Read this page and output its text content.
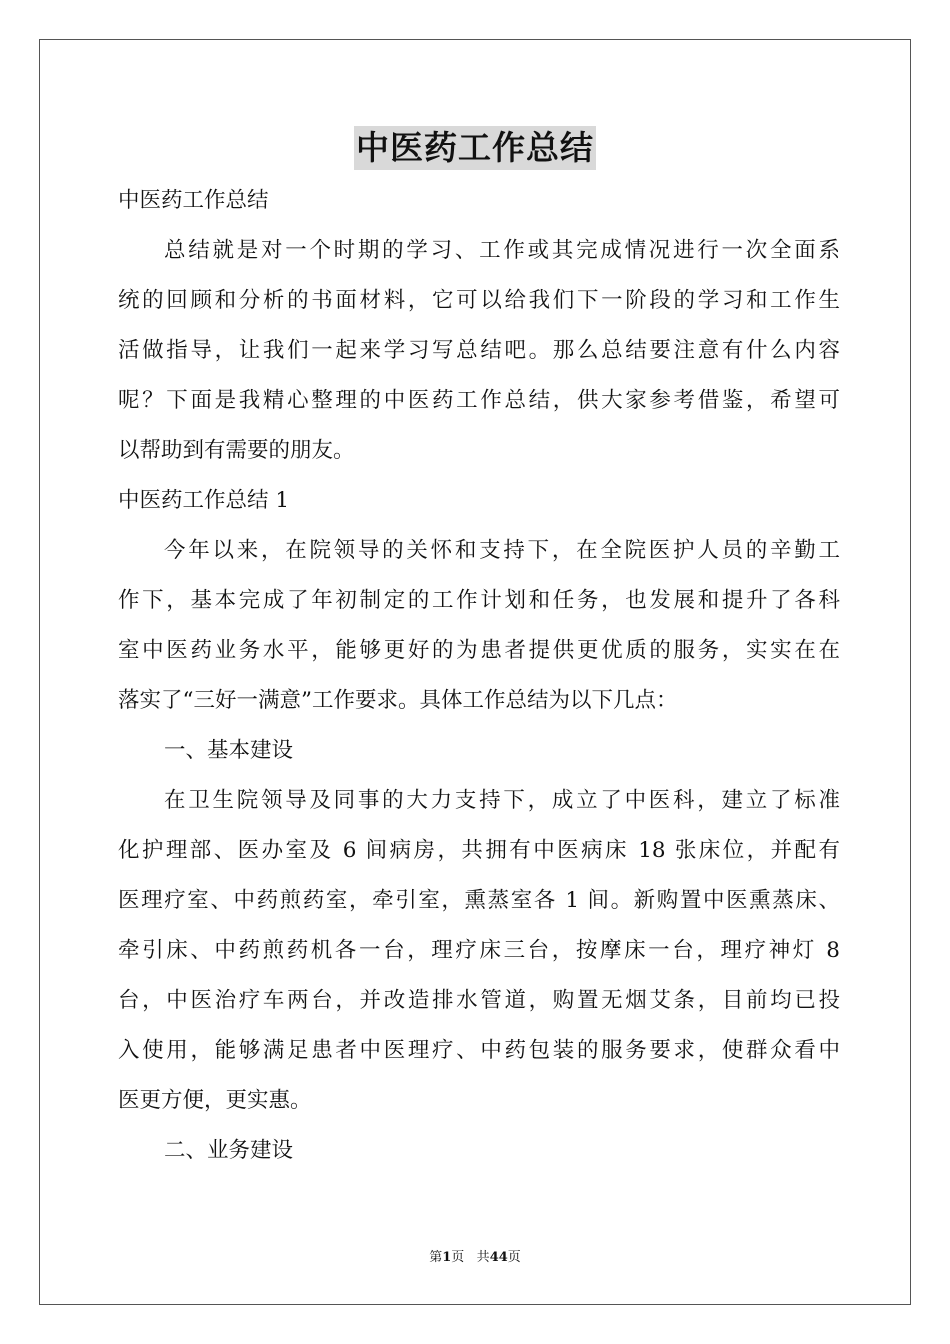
中医药工作总结
中医药工作总结
总结就是对一个时期的学习、工作或其完成情况进行一次全面系
统的回顾和分析的书面材料，它可以给我们下一阶段的学习和工作生
活做指导，让我们一起来学习写总结吧。那么总结要注意有什么内容
呢？下面是我精心整理的中医药工作总结，供大家参考借鉴，希望可
以帮助到有需要的朋友。
中医药工作总结 1
今年以来，在院领导的关怀和支持下，在全院医护人员的辛勤工
作下，基本完成了年初制定的工作计划和任务，也发展和提升了各科
室中医药业务水平，能够更好的为患者提供更优质的服务，实实在在
落实了“三好一满意”工作要求。具体工作总结为以下几点：
一、基本建设
在卫生院领导及同事的大力支持下，成立了中医科，建立了标准
化护理部、医办室及 6 间病房，共拥有中医病床 18 张床位，并配有
医理疗室、中药煎药室，牵引室，熏蒸室各 1 间。新购置中医熏蒸床、
牵引床、中药煎药机各一台，理疗床三台，按摩床一台，理疗神灯 8
台，中医治疗车两台，并改造排水管道，购置无烟艾条，目前均已投
入使用，能够满足患者中医理疗、中药包装的服务要求，使群众看中
医更方便，更实惠。
二、业务建设
第1页 共44页
